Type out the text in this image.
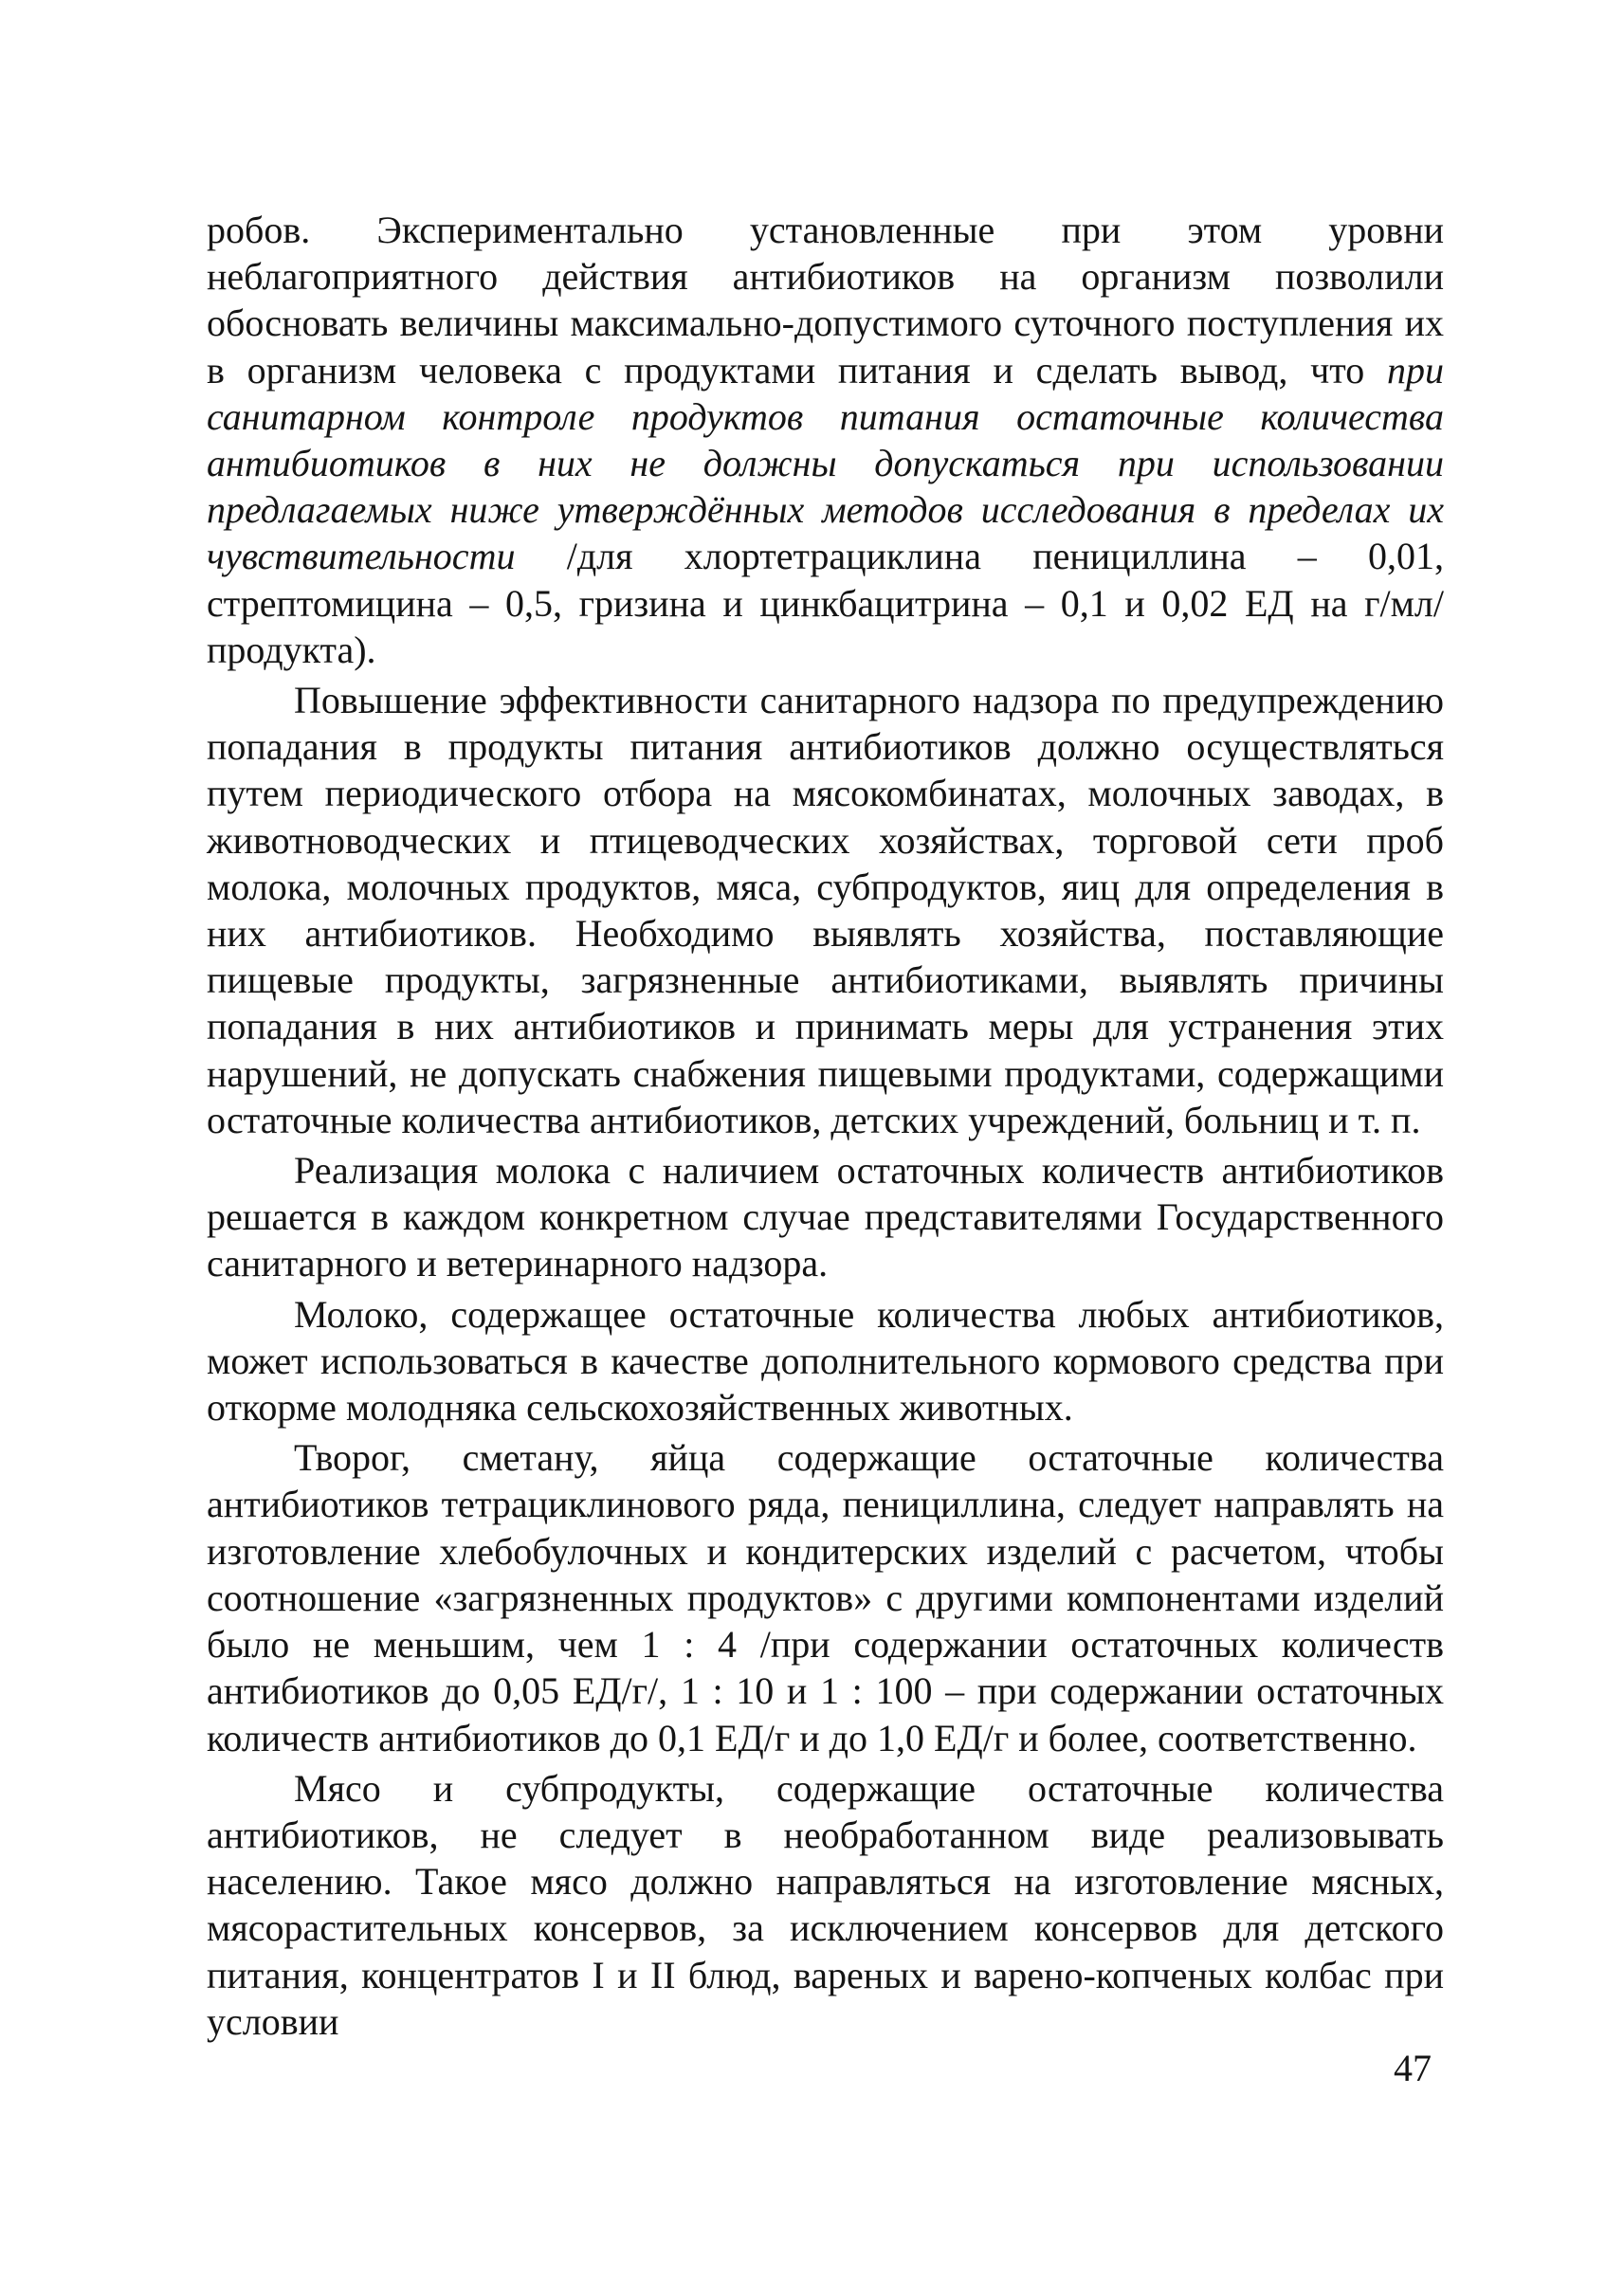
робов. Экспериментально установленные при этом уровни неблагоприятного действия антибиотиков на организм позволили обосновать величины максимально-допустимого суточного поступления их в организм человека с продуктами питания и сделать вывод, что при санитарном контроле продуктов питания остаточные количества антибиотиков в них не должны допускаться при использовании предлагаемых ниже утверждённых методов исследования в пределах их чувствительности /для хлортетрациклина пенициллина – 0,01, стрептомицина – 0,5, гризина и цинкбацитрина – 0,1 и 0,02 ЕД на г/мл/продукта).

Повышение эффективности санитарного надзора по предупреждению попадания в продукты питания антибиотиков должно осуществляться путем периодического отбора на мясокомбинатах, молочных заводах, в животноводческих и птицеводческих хозяйствах, торговой сети проб молока, молочных продуктов, мяса, субпродуктов, яиц для определения в них антибиотиков. Необходимо выявлять хозяйства, поставляющие пищевые продукты, загрязненные антибиотиками, выявлять причины попадания в них антибиотиков и принимать меры для устранения этих нарушений, не допускать снабжения пищевыми продуктами, содержащими остаточные количества антибиотиков, детских учреждений, больниц и т. п.

Реализация молока с наличием остаточных количеств антибиотиков решается в каждом конкретном случае представителями Государственного санитарного и ветеринарного надзора.

Молоко, содержащее остаточные количества любых антибиотиков, может использоваться в качестве дополнительного кормового средства при откорме молодняка сельскохозяйственных животных.

Творог, сметану, яйца содержащие остаточные количества антибиотиков тетрациклинового ряда, пенициллина, следует направлять на изготовление хлебобулочных и кондитерских изделий с расчетом, чтобы соотношение «загрязненных продуктов» с другими компонентами изделий было не меньшим, чем 1 : 4 /при содержании остаточных количеств антибиотиков до 0,05 ЕД/г/, 1 : 10 и 1 : 100 – при содержании остаточных количеств антибиотиков до 0,1 ЕД/г и до 1,0 ЕД/г и более, соответственно.

Мясо и субпродукты, содержащие остаточные количества антибиотиков, не следует в необработанном виде реализовывать населению. Такое мясо должно направляться на изготовление мясных, мясорастительных консервов, за исключением консервов для детского питания, концентратов I и II блюд, вареных и варено-копченых колбас при условии

47
